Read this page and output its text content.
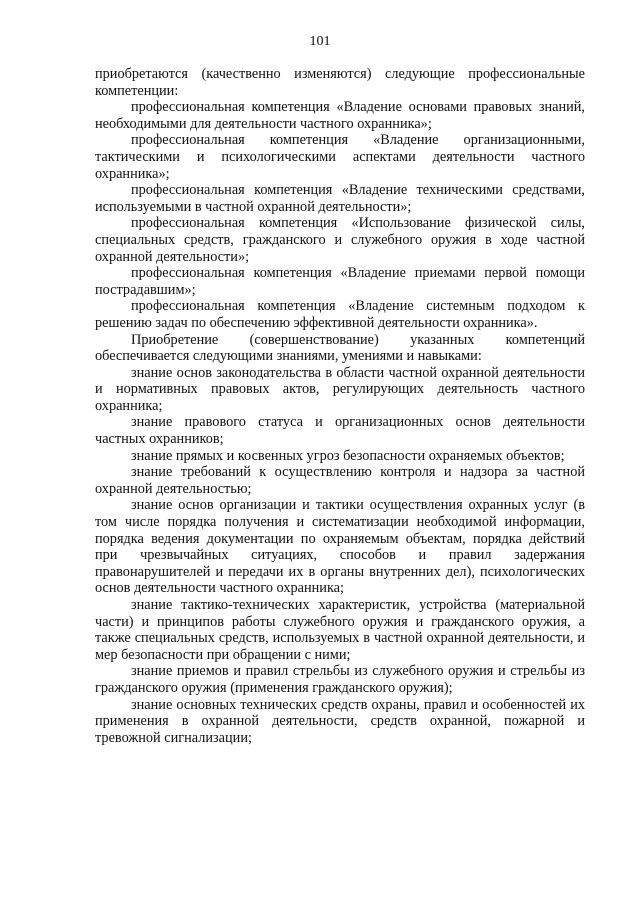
101

приобретаются (качественно изменяются) следующие профессиональные компетенции:

профессиональная компетенция «Владение основами правовых знаний, необходимыми для деятельности частного охранника»;

профессиональная компетенция «Владение организационными, тактическими и психологическими аспектами деятельности частного охранника»;

профессиональная компетенция «Владение техническими средствами, используемыми в частной охранной деятельности»;

профессиональная компетенция «Использование физической силы, специальных средств, гражданского и служебного оружия в ходе частной охранной деятельности»;

профессиональная компетенция «Владение приемами первой помощи пострадавшим»;

профессиональная компетенция «Владение системным подходом к решению задач по обеспечению эффективной деятельности охранника».

Приобретение (совершенствование) указанных компетенций обеспечивается следующими знаниями, умениями и навыками:

знание основ законодательства в области частной охранной деятельности и нормативных правовых актов, регулирующих деятельность частного охранника;

знание правового статуса и организационных основ деятельности частных охранников;

знание прямых и косвенных угроз безопасности охраняемых объектов;

знание требований к осуществлению контроля и надзора за частной охранной деятельностью;

знание основ организации и тактики осуществления охранных услуг (в том числе порядка получения и систематизации необходимой информации, порядка ведения документации по охраняемым объектам, порядка действий при чрезвычайных ситуациях, способов и правил задержания правонарушителей и передачи их в органы внутренних дел), психологических основ деятельности частного охранника;

знание тактико-технических характеристик, устройства (материальной части) и принципов работы служебного оружия и гражданского оружия, а также специальных средств, используемых в частной охранной деятельности, и мер безопасности при обращении с ними;

знание приемов и правил стрельбы из служебного оружия и стрельбы из гражданского оружия (применения гражданского оружия);

знание основных технических средств охраны, правил и особенностей их применения в охранной деятельности, средств охранной, пожарной и тревожной сигнализации;
